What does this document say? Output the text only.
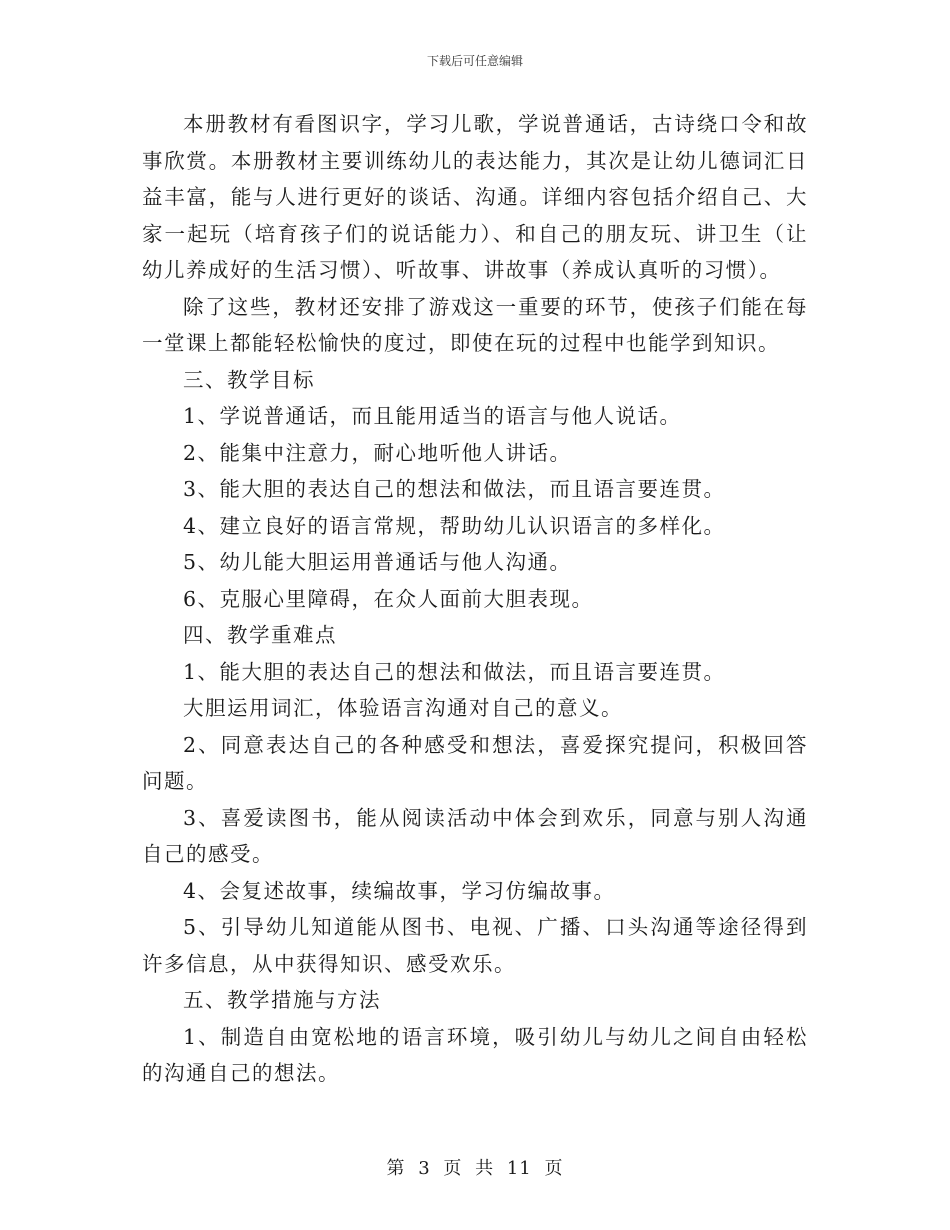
下载后可任意编辑

本册教材有看图识字，学习儿歌，学说普通话，古诗绕口令和故事欣赏。本册教材主要训练幼儿的表达能力，其次是让幼儿德词汇日益丰富，能与人进行更好的谈话、沟通。详细内容包括介绍自己、大家一起玩（培育孩子们的说话能力）、和自己的朋友玩、讲卫生（让幼儿养成好的生活习惯）、听故事、讲故事（养成认真听的习惯）。

除了这些，教材还安排了游戏这一重要的环节，使孩子们能在每一堂课上都能轻松愉快的度过，即使在玩的过程中也能学到知识。

三、教学目标

1、学说普通话，而且能用适当的语言与他人说话。

2、能集中注意力，耐心地听他人讲话。

3、能大胆的表达自己的想法和做法，而且语言要连贯。

4、建立良好的语言常规，帮助幼儿认识语言的多样化。

5、幼儿能大胆运用普通话与他人沟通。

6、克服心里障碍，在众人面前大胆表现。

四、教学重难点

1、能大胆的表达自己的想法和做法，而且语言要连贯。

大胆运用词汇，体验语言沟通对自己的意义。

2、同意表达自己的各种感受和想法，喜爱探究提问，积极回答问题。

3、喜爱读图书，能从阅读活动中体会到欢乐，同意与别人沟通自己的感受。

4、会复述故事，续编故事，学习仿编故事。

5、引导幼儿知道能从图书、电视、广播、口头沟通等途径得到许多信息，从中获得知识、感受欢乐。

五、教学措施与方法

1、制造自由宽松地的语言环境，吸引幼儿与幼儿之间自由轻松的沟通自己的想法。

第 3 页 共 11 页
